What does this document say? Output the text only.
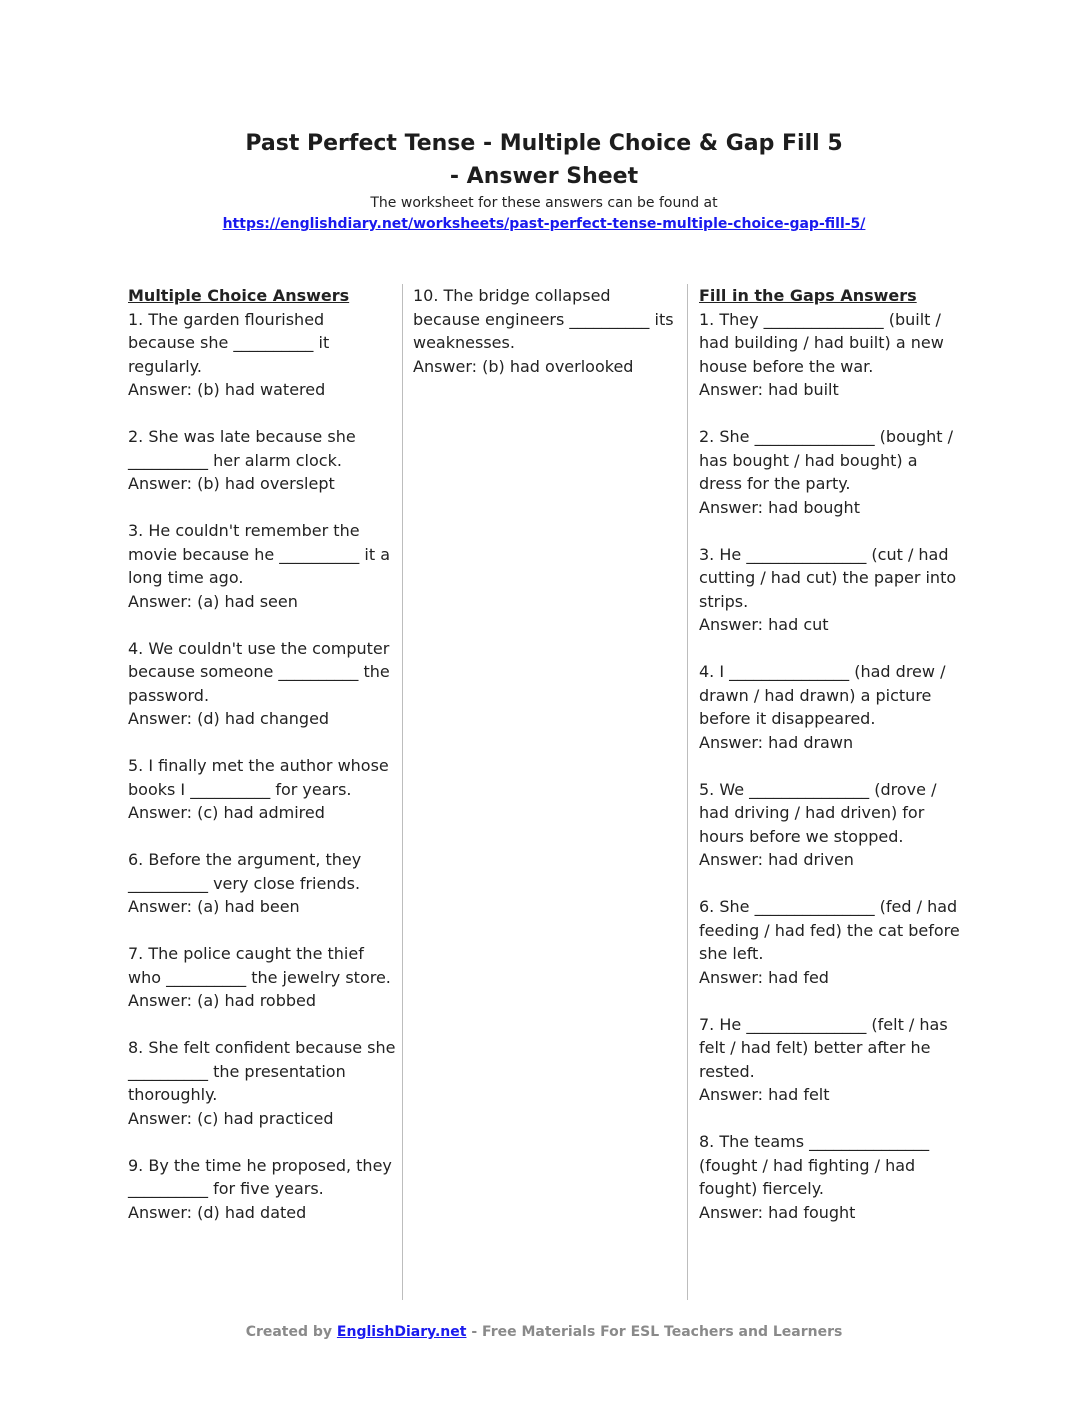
Past Perfect Tense - Multiple Choice & Gap Fill 5
- Answer Sheet
The worksheet for these answers can be found at
https://englishdiary.net/worksheets/past-perfect-tense-multiple-choice-gap-fill-5/
Multiple Choice Answers
1. The garden flourished because she __________ it regularly.
Answer: (b) had watered
2. She was late because she __________ her alarm clock.
Answer: (b) had overslept
3. He couldn't remember the movie because he __________ it a long time ago.
Answer: (a) had seen
4. We couldn't use the computer because someone __________ the password.
Answer: (d) had changed
5. I finally met the author whose books I __________ for years.
Answer: (c) had admired
6. Before the argument, they __________ very close friends.
Answer: (a) had been
7. The police caught the thief who __________ the jewelry store.
Answer: (a) had robbed
8. She felt confident because she __________ the presentation thoroughly.
Answer: (c) had practiced
9. By the time he proposed, they __________ for five years.
Answer: (d) had dated
10. The bridge collapsed because engineers __________ its weaknesses.
Answer: (b) had overlooked
Fill in the Gaps Answers
1. They _______________ (built / had building / had built) a new house before the war.
Answer: had built
2. She _______________ (bought / has bought / had bought) a dress for the party.
Answer: had bought
3. He _______________ (cut / had cutting / had cut) the paper into strips.
Answer: had cut
4. I _______________ (had drew / drawn / had drawn) a picture before it disappeared.
Answer: had drawn
5. We _______________ (drove / had driving / had driven) for hours before we stopped.
Answer: had driven
6. She _______________ (fed / had feeding / had fed) the cat before she left.
Answer: had fed
7. He _______________ (felt / has felt / had felt) better after he rested.
Answer: had felt
8. The teams _______________ (fought / had fighting / had fought) fiercely.
Answer: had fought
Created by EnglishDiary.net - Free Materials For ESL Teachers and Learners
